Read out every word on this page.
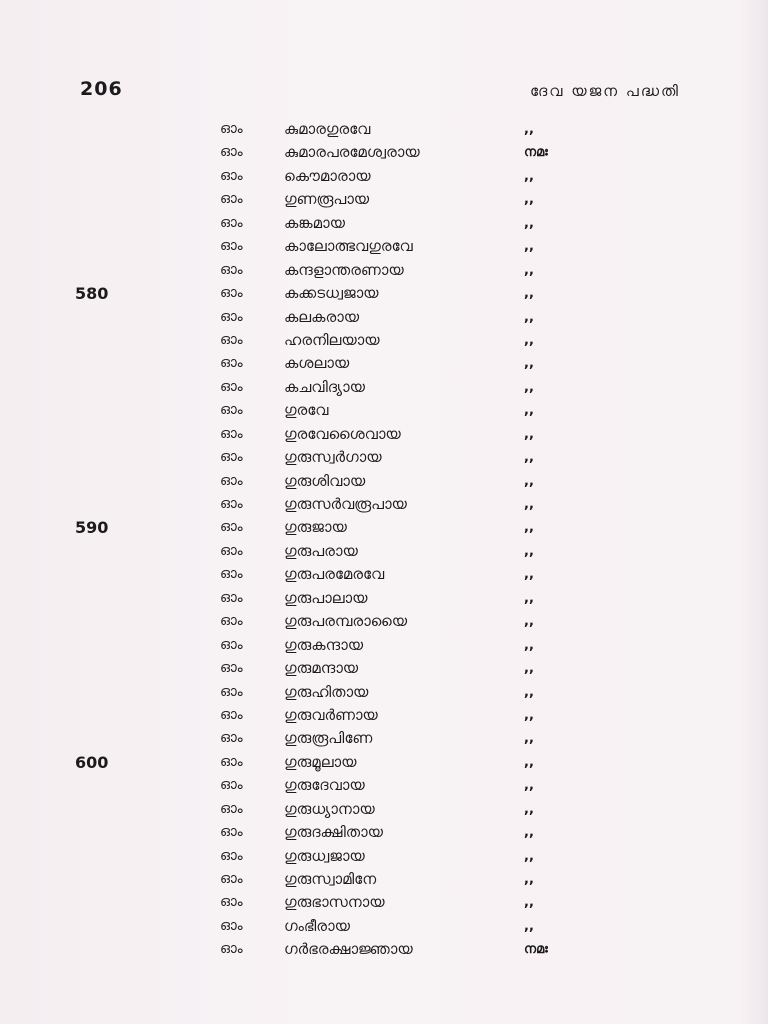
206	ദേവ യജന പദ്ധതി
ഓം	കുമാരഗുരവേ	,,
ഓം	കുമാരപരമേശ്വരായ	നമഃ
ഓം	കൌമാരായ	,,
ഓം	ഗുണരൂപായ	,,
ഓം	കങ്കമായ	,,
ഓം	കാലോത്ഭവഗുരവേ	,,
ഓം	കന്ദളാന്തരണായ	,,
580	ഓം	കക്കടധ്വജായ	,,
ഓം	കലകരായ	,,
ഓം	ഹരനിലയായ	,,
ഓം	കശലായ	,,
ഓം	കചവിദ്യായ	,,
ഓം	ഗുരവേ	,,
ഓം	ഗുരവേശൈവായ	,,
ഓം	ഗുരുസ്വർഗായ	,,
ഓം	ഗുരുശിവായ	,,
ഓം	ഗുരുസർവരൂപായ	,,
590	ഓം	ഗുരുജായ	,,
ഓം	ഗുരുപരായ	,,
ഓം	ഗുരുപരമേരവേ	,,
ഓം	ഗുരുപാലായ	,,
ഓം	ഗുരുപരമ്പരായൈ	,,
ഓം	ഗുരുകന്ദായ	,,
ഓം	ഗുരുമന്ദായ	,,
ഓം	ഗുരുഹിതായ	,,
ഓം	ഗുരുവർണായ	,,
ഓം	ഗുരുരൂപിണേ	,,
600	ഓം	ഗുരുമൂലായ	,,
ഓം	ഗുരുദേവായ	,,
ഓം	ഗുരുധ്യാനായ	,,
ഓം	ഗുരുദക്ഷിതായ	,,
ഓം	ഗുരുധ്വജായ	,,
ഓം	ഗുരുസ്വാമിനേ	,,
ഓം	ഗുരുഭാസനായ	,,
ഓം	ഗംഭീരായ	,,
ഓം	ഗർഭരക്ഷാജ്ഞായ	നമഃ
